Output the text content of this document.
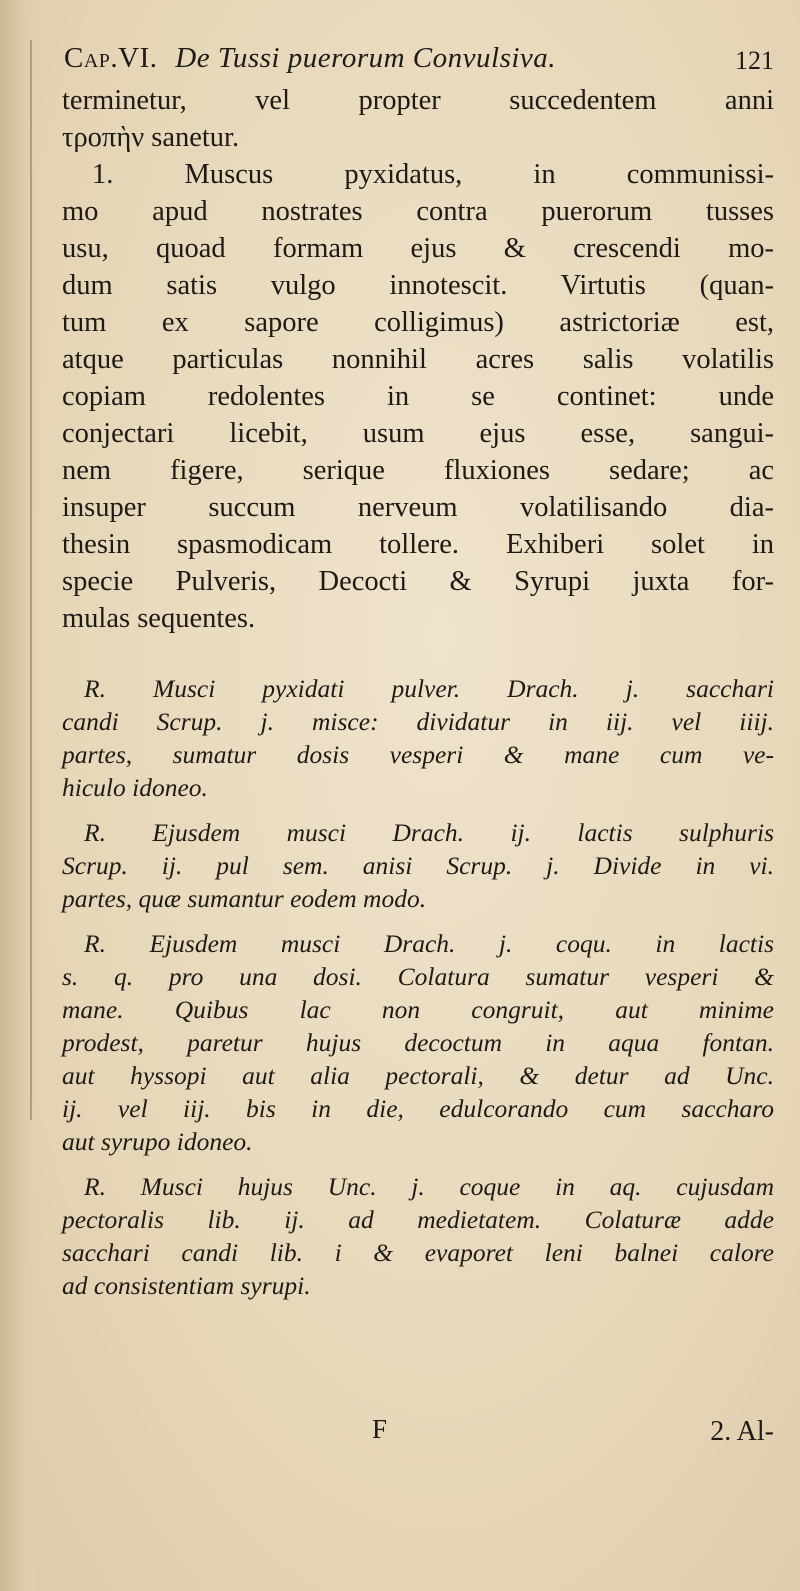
Cap.VI. De Tussi puerorum Convulsiva.	121
terminetur, vel propter succedentem anni
τροπὴν sanetur.
1. Muscus pyxidatus, in communissi-
mo apud nostrates contra puerorum tusses
usu, quoad formam ejus & crescendi mo-
dum satis vulgo innotescit. Virtutis (quan-
tum ex sapore colligimus) astrictoriæ est,
atque particulas nonnihil acres salis volatilis
copiam redolentes in se continet: unde
conjectari licebit, usum ejus esse, sangui-
nem figere, serique fluxiones sedare; ac
insuper succum nerveum volatilisando dia-
thesin spasmodicam tollere. Exhiberi solet in
specie Pulveris, Decocti & Syrupi juxta for-
mulas sequentes.
R. Musci pyxidati pulver. Drach. j. sacchari
candi Scrup. j. misce: dividatur in iij. vel iiij.
partes, sumatur dosis vesperi & mane cum ve-
hiculo idoneo.
R. Ejusdem musci Drach. ij. lactis sulphuris
Scrup. ij. pul sem. anisi Scrup. j. Divide in vi.
partes, quæ sumantur eodem modo.
R. Ejusdem musci Drach. j. coqu. in lactis
s. q. pro una dosi. Colatura sumatur vesperi &
mane. Quibus lac non congruit, aut minime
prodest, paretur hujus decoctum in aqua fontan.
aut hyssopi aut alia pectorali, & detur ad Unc.
ij. vel iij. bis in die, edulcorando cum saccharo
aut syrupo idoneo.
R. Musci hujus Unc. j. coque in aq. cujusdam
pectoralis lib. ij. ad medietatem. Colaturæ adde
sacchari candi lib. i & evaporet leni balnei calore
ad consistentiam syrupi.
F	2. Al-
